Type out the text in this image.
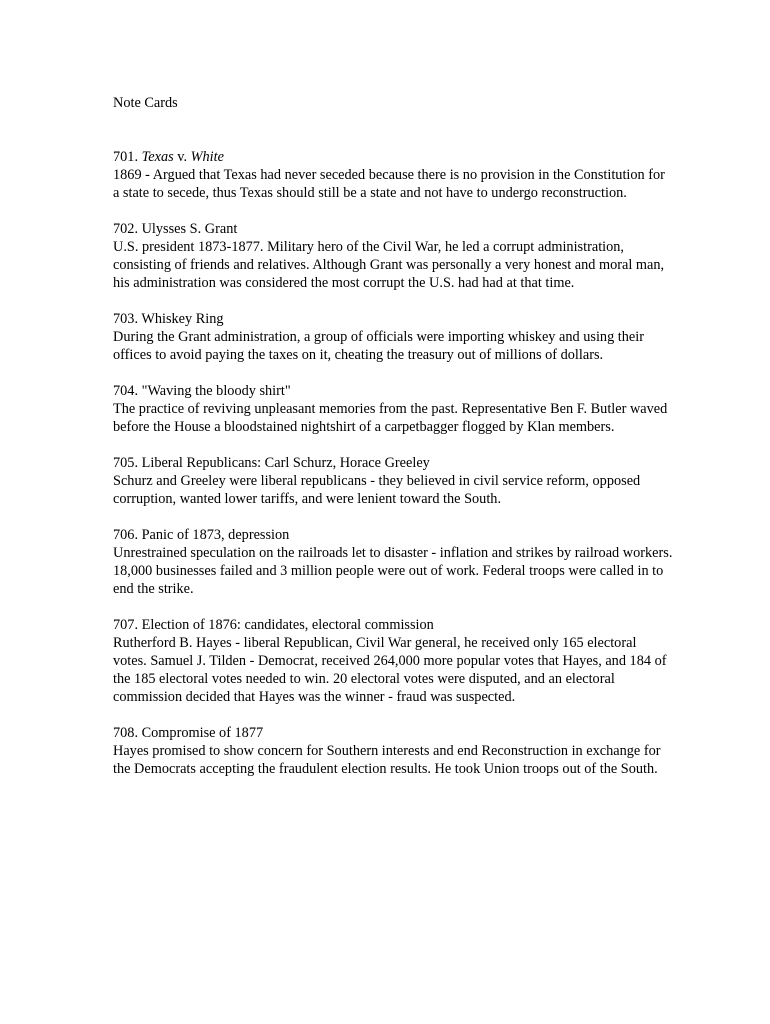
Note Cards
701. Texas v. White
1869 - Argued that Texas had never seceded because there is no provision in the Constitution for a state to secede, thus Texas should still be a state and not have to undergo reconstruction.
702. Ulysses S. Grant
U.S. president 1873-1877. Military hero of the Civil War, he led a corrupt administration, consisting of friends and relatives. Although Grant was personally a very honest and moral man, his administration was considered the most corrupt the U.S. had had at that time.
703. Whiskey Ring
During the Grant administration, a group of officials were importing whiskey and using their offices to avoid paying the taxes on it, cheating the treasury out of millions of dollars.
704. "Waving the bloody shirt"
The practice of reviving unpleasant memories from the past. Representative Ben F. Butler waved before the House a bloodstained nightshirt of a carpetbagger flogged by Klan members.
705. Liberal Republicans: Carl Schurz, Horace Greeley
Schurz and Greeley were liberal republicans - they believed in civil service reform, opposed corruption, wanted lower tariffs, and were lenient toward the South.
706. Panic of 1873, depression
Unrestrained speculation on the railroads let to disaster - inflation and strikes by railroad workers. 18,000 businesses failed and 3 million people were out of work. Federal troops were called in to end the strike.
707. Election of 1876: candidates, electoral commission
Rutherford B. Hayes - liberal Republican, Civil War general, he received only 165 electoral votes. Samuel J. Tilden - Democrat, received 264,000 more popular votes that Hayes, and 184 of the 185 electoral votes needed to win. 20 electoral votes were disputed, and an electoral commission decided that Hayes was the winner - fraud was suspected.
708. Compromise of 1877
Hayes promised to show concern for Southern interests and end Reconstruction in exchange for the Democrats accepting the fraudulent election results. He took Union troops out of the South.
